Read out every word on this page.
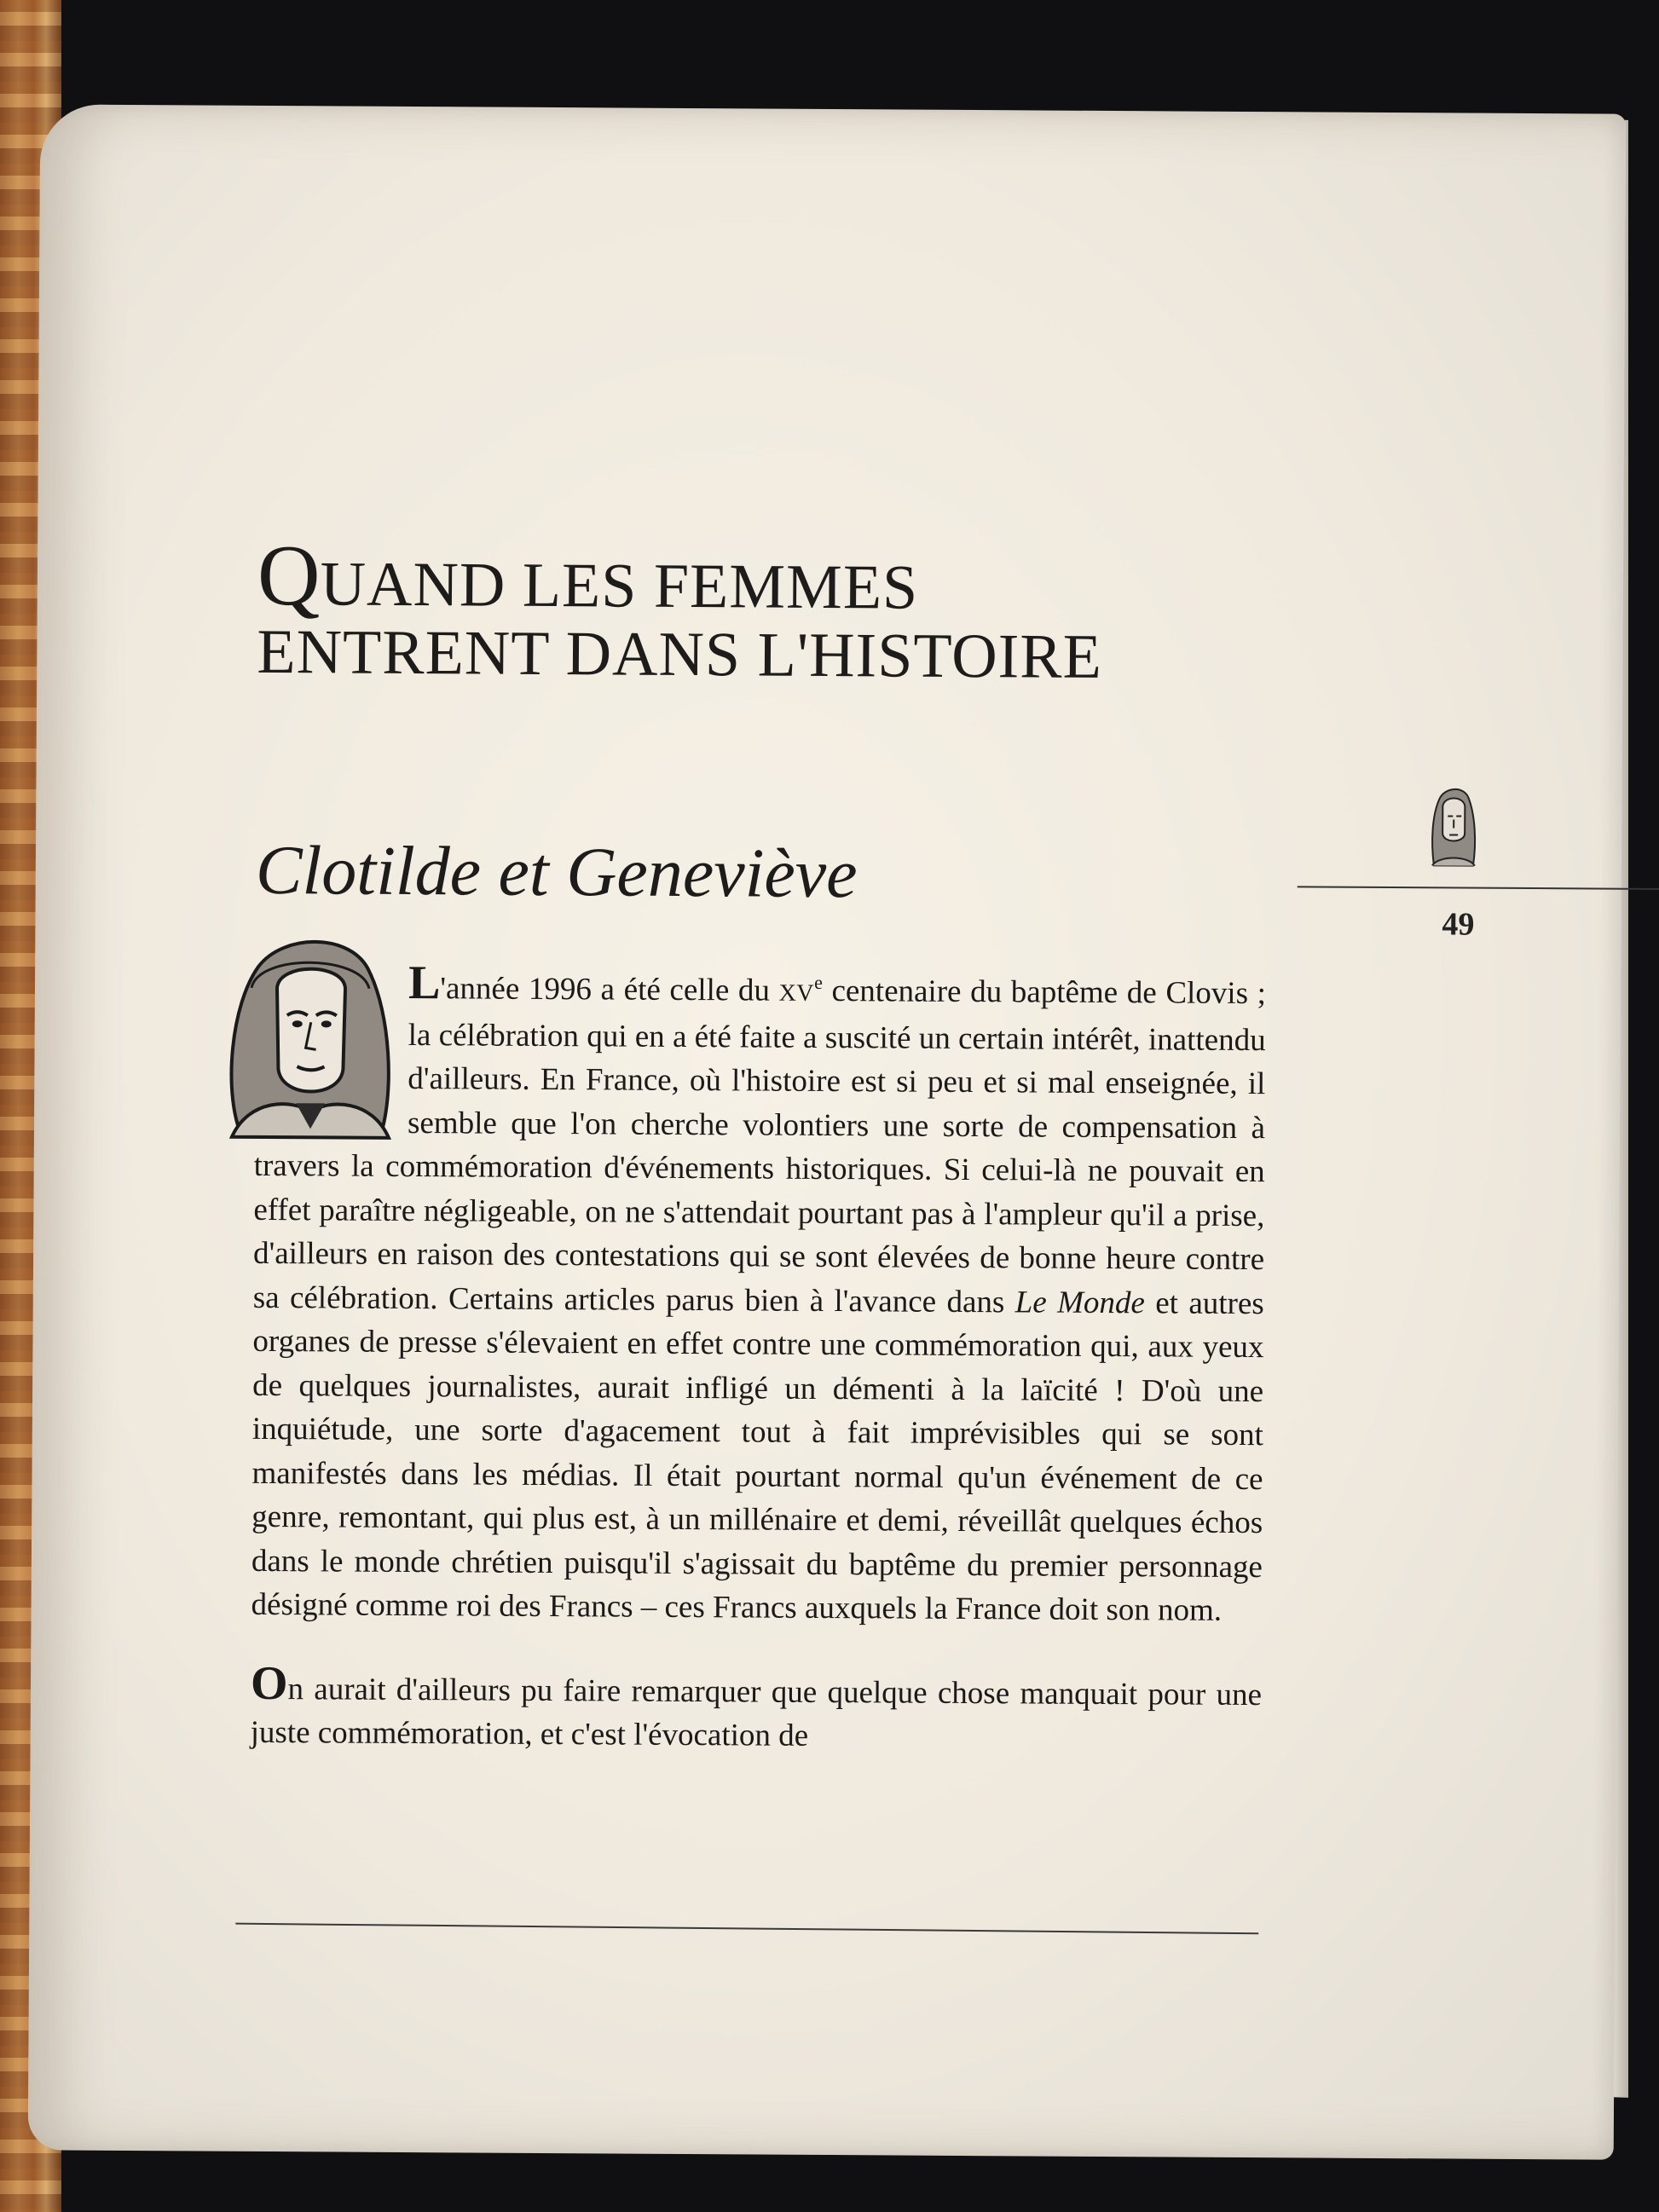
QUAND LES FEMMES
ENTRENT DANS L'HISTOIRE
Clotilde et Geneviève
49

L'année 1996 a été celle du XVe centenaire du baptême de Clovis ; la célébration qui en a été faite a suscité un certain intérêt, inattendu d'ailleurs. En France, où l'histoire est si peu et si mal enseignée, il semble que l'on cherche volontiers une sorte de compensation à travers la commémoration d'événements historiques. Si celui-là ne pouvait en effet paraître négligeable, on ne s'attendait pourtant pas à l'ampleur qu'il a prise, d'ailleurs en raison des contestations qui se sont élevées de bonne heure contre sa célébration. Certains articles parus bien à l'avance dans Le Monde et autres organes de presse s'élevaient en effet contre une commémoration qui, aux yeux de quelques journalistes, aurait infligé un démenti à la laïcité ! D'où une inquiétude, une sorte d'agacement tout à fait imprévisibles qui se sont manifestés dans les médias. Il était pourtant normal qu'un événement de ce genre, remontant, qui plus est, à un millénaire et demi, réveillât quelques échos dans le monde chrétien puisqu'il s'agissait du baptême du premier personnage désigné comme roi des Francs – ces Francs auxquels la France doit son nom.

On aurait d'ailleurs pu faire remarquer que quelque chose manquait pour une juste commémoration, et c'est l'évocation de
